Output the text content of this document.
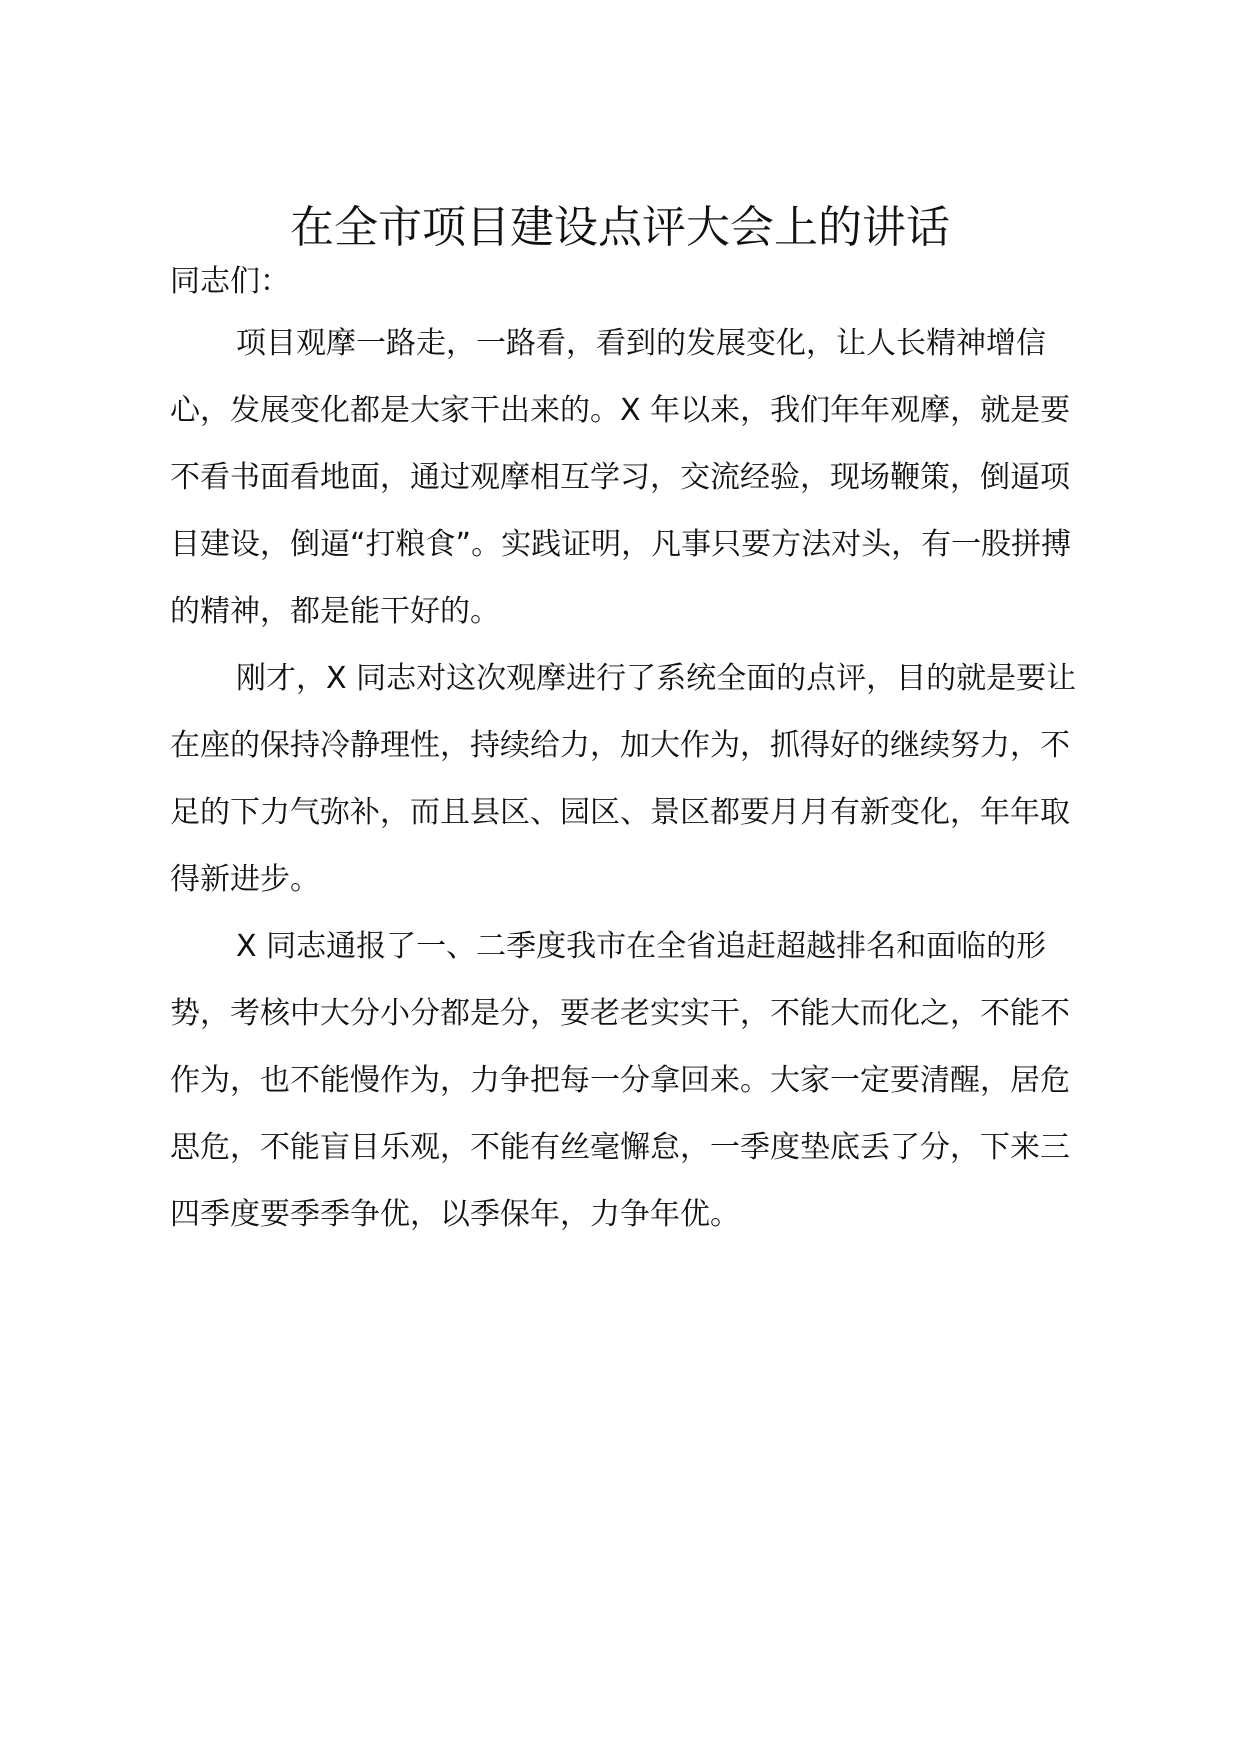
在全市项目建设点评大会上的讲话

同志们：

项目观摩一路走，一路看，看到的发展变化，让人长精神增信心，发展变化都是大家干出来的。X 年以来，我们年年观摩，就是要不看书面看地面，通过观摩相互学习，交流经验，现场鞭策，倒逼项目建设，倒逼“打粮食”。实践证明，凡事只要方法对头，有一股拼搏的精神，都是能干好的。

刚才，X 同志对这次观摩进行了系统全面的点评，目的就是要让在座的保持冷静理性，持续给力，加大作为，抓得好的继续努力，不足的下力气弥补，而且县区、园区、景区都要月月有新变化，年年取得新进步。

X 同志通报了一、二季度我市在全省追赶超越排名和面临的形势，考核中大分小分都是分，要老老实实干，不能大而化之，不能不作为，也不能慢作为，力争把每一分拿回来。大家一定要清醒，居危思危，不能盲目乐观，不能有丝毫懈怠，一季度垫底丢了分，下来三四季度要季季争优，以季保年，力争年优。
